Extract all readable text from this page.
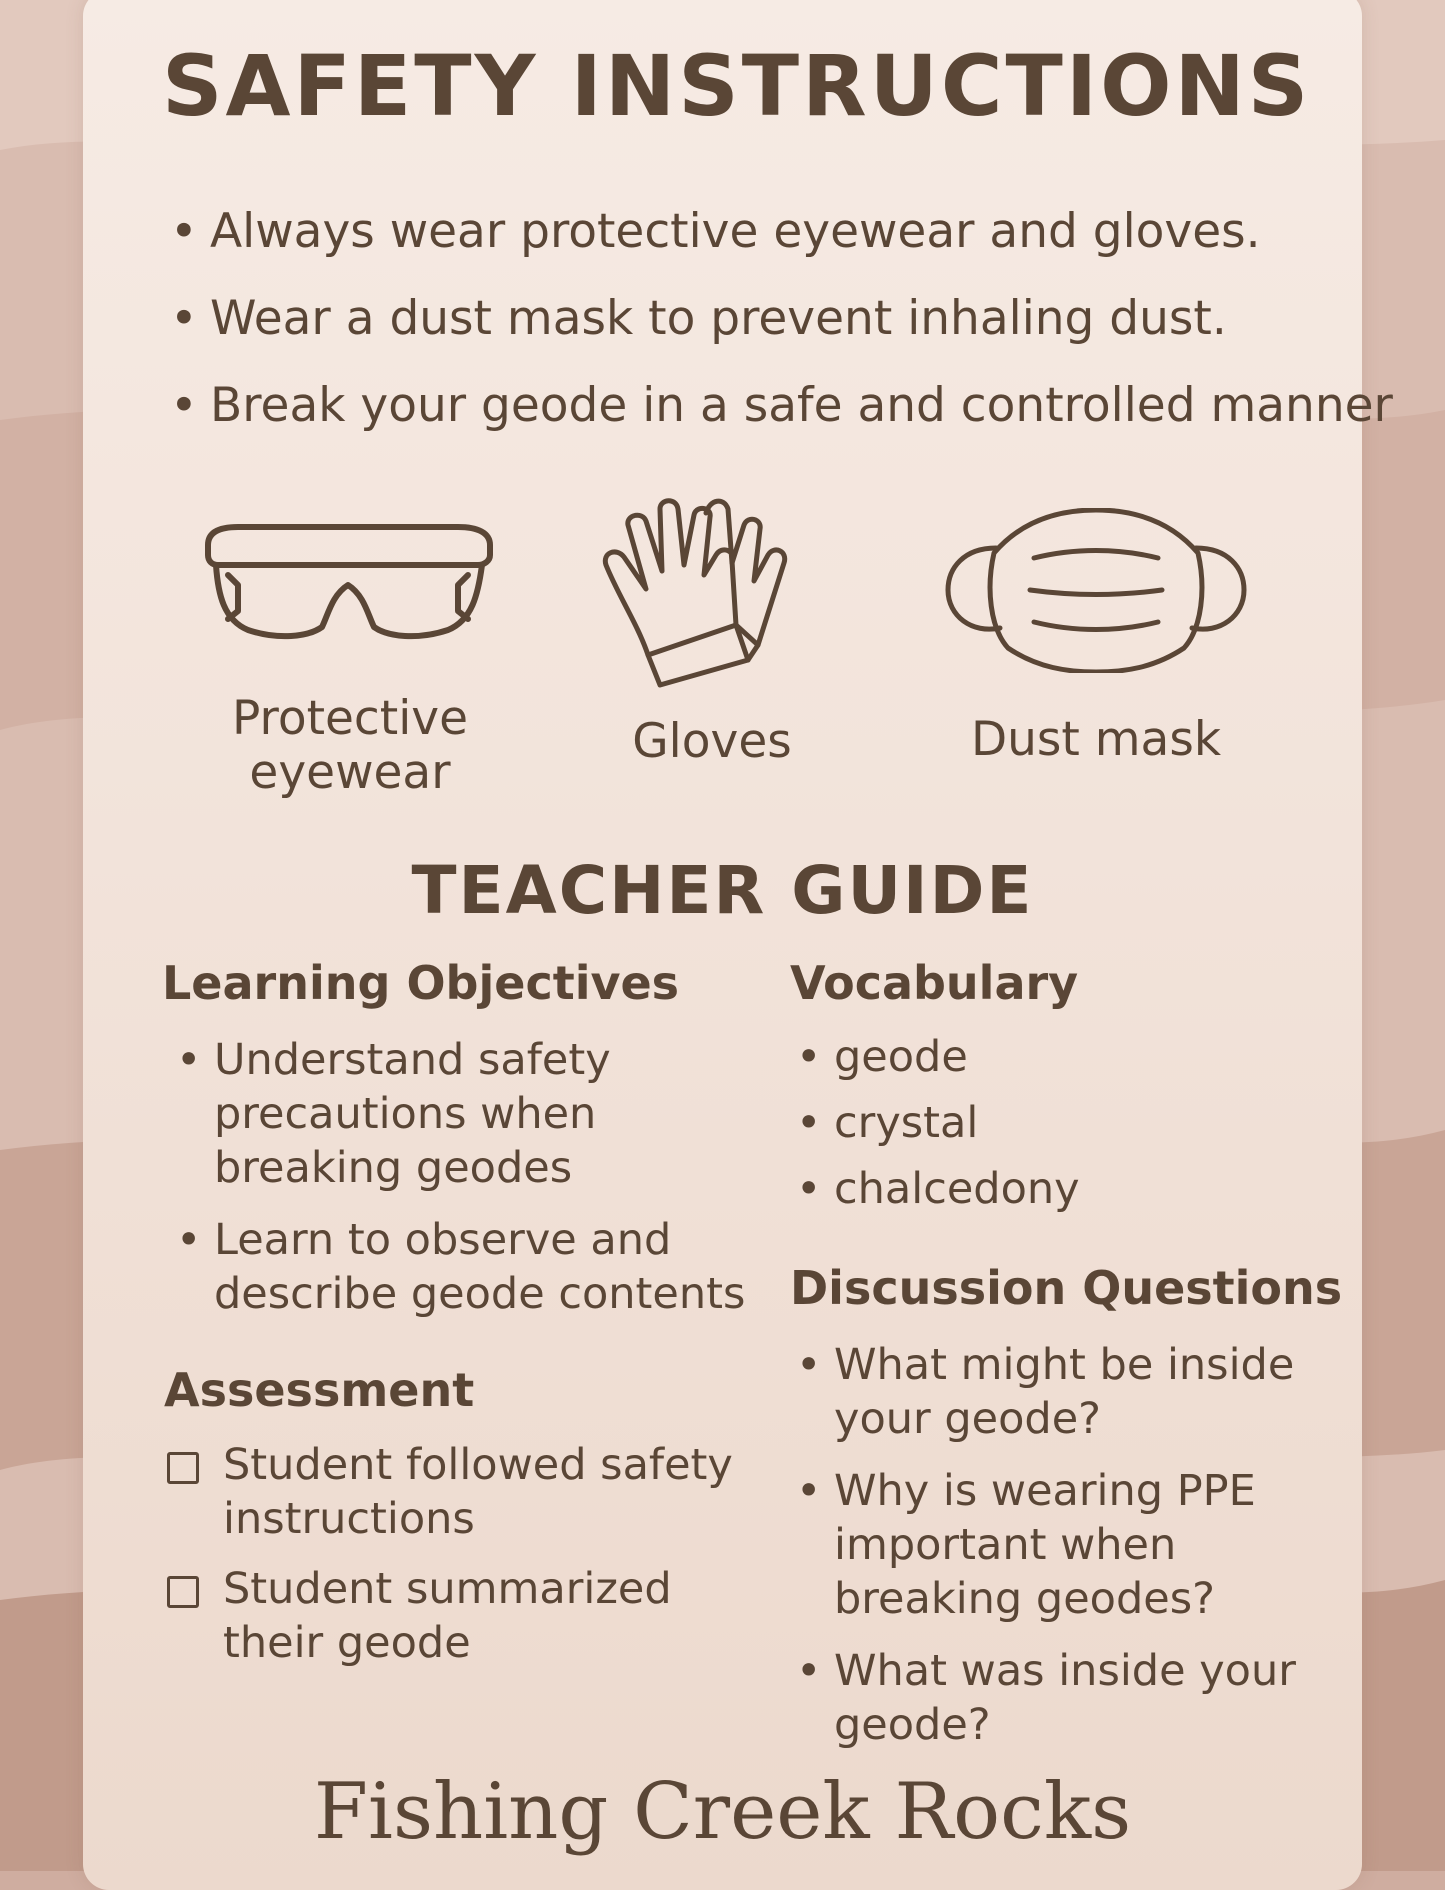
SAFETY INSTRUCTIONS
• Always wear protective eyewear and gloves.
• Wear a dust mask to prevent inhaling dust.
• Break your geode in a safe and controlled manner
Protective eyewear
Gloves	Dust mask
TEACHER GUIDE
Learning Objectives
• Understand safety precautions when breaking geodes
• Learn to observe and describe geode contents
Assessment
Student followed safety instructions
Student summarized their geode
Vocabulary
• geode
• crystal
• chalcedony
Discussion Questions
• What might be inside your geode?
• Why is wearing PPE important when breaking geodes?
• What was inside your geode?
Fishing Creek Rocks
